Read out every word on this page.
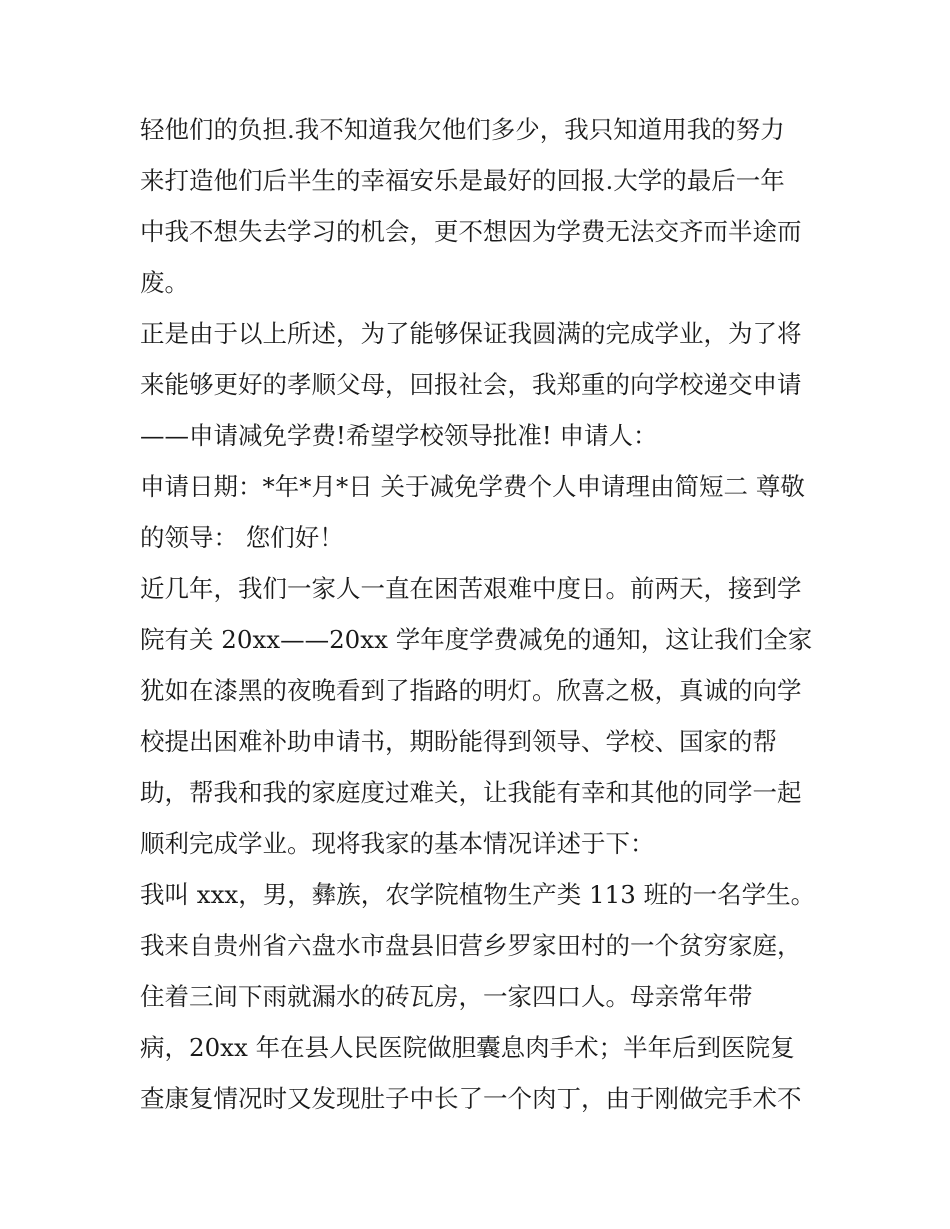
轻他们的负担.我不知道我欠他们多少，我只知道用我的努力
来打造他们后半生的幸福安乐是最好的回报.大学的最后一年
中我不想失去学习的机会，更不想因为学费无法交齐而半途而
废。
正是由于以上所述，为了能够保证我圆满的完成学业，为了将
来能够更好的孝顺父母，回报社会，我郑重的向学校递交申请
——申请减免学费!希望学校领导批准! 申请人：
申请日期：*年*月*日 关于减免学费个人申请理由简短二 尊敬
的领导： 您们好！
近几年，我们一家人一直在困苦艰难中度日。前两天，接到学
院有关 20xx——20xx 学年度学费减免的通知，这让我们全家
犹如在漆黑的夜晚看到了指路的明灯。欣喜之极，真诚的向学
校提出困难补助申请书，期盼能得到领导、学校、国家的帮
助，帮我和我的家庭度过难关，让我能有幸和其他的同学一起
顺利完成学业。现将我家的基本情况详述于下：
我叫 xxx，男，彝族，农学院植物生产类 113 班的一名学生。
我来自贵州省六盘水市盘县旧营乡罗家田村的一个贫穷家庭，
住着三间下雨就漏水的砖瓦房，一家四口人。母亲常年带
病，20xx 年在县人民医院做胆囊息肉手术；半年后到医院复
查康复情况时又发现肚子中长了一个肉丁，由于刚做完手术不
